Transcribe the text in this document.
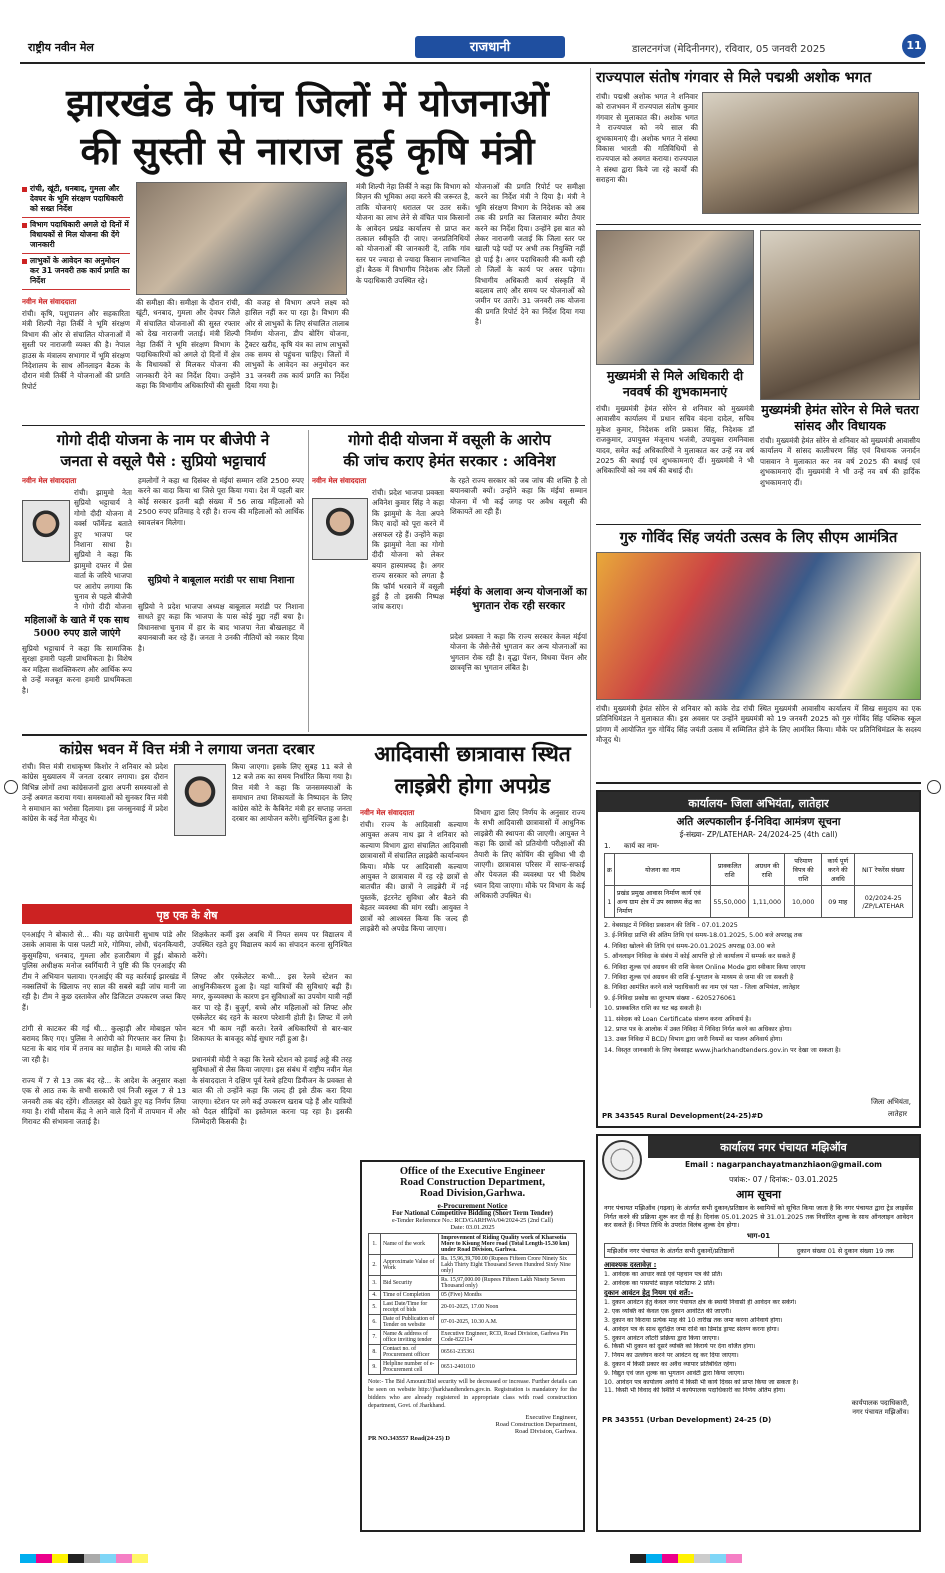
राष्ट्रीय नवीन मेल	राजधानी	डालटनगंज (मेदिनीनगर), रविवार, 05 जनवरी 2025	11
झारखंड के पांच जिलों में योजनाओं
की सुस्ती से नाराज हुई कृषि मंत्री
रांची, खूंटी, धनबाद, गुमला और देवघर के भूमि संरक्षण पदाधिकारी को सख्त निर्देश
विभाग पदाधिकारी अगले दो दिनों में विधायकों से मिल योजना की देंगे जानकारी
लाभुकों के आवेदन का अनुमोदन कर 31 जनवरी तक कार्य प्रगति का निर्देश
नवीन मेल संवाददाता
रांची। कृषि, पशुपालन और सहकारिता मंत्री शिल्पी नेहा तिर्की ने भूमि संरक्षण विभाग की ओर से संचालित योजनाओं में सुस्ती पर नाराजगी व्यक्त की है। नेपाल हाउस के मंत्रालय सभागार में भूमि संरक्षण निदेशालय के साथ ऑनलाइन बैठक के दौरान मंत्री तिर्की ने योजनाओं की प्रगति रिपोर्ट
की समीक्षा की। समीक्षा के दौरान रांची, खूंटी, धनबाद, गुमला और देवघर जिले में संचालित योजनाओं की सुस्त रफ्तार को देख नाराजगी जताई। मंत्री शिल्पी नेहा तिर्की ने भूमि संरक्षण विभाग के पदाधिकारियों को अगले दो दिनों में क्षेत्र के विधायकों से मिलकर योजना की जानकारी देने का निर्देश दिया। उन्होंने कहा कि विभागीय अधिकारियों की सुस्ती
की वजह से विभाग अपने लक्ष्य को हासिल नहीं कर पा रहा है। विभाग की ओर से लाभुकों के लिए संचालित तालाब निर्माण योजना, डीप बोरिंग योजना, ट्रैक्टर खरीद, कृषि यंत्र का लाभ लाभुकों तक समय से पहुंचना चाहिए। जिलों में लाभुकों के आवेदन का अनुमोदन कर 31 जनवरी तक कार्य प्रगति का निर्देश दिया गया है।
मंत्री शिल्पी नेहा तिर्की ने कहा कि विभाग को विज़न की भूमिका अदा करने की जरूरत है, ताकि योजनाएं धरातल पर उतर सकें। योजना का लाभ लेने से वंचित पात्र किसानों के आवेदन प्रखंड कार्यालय से प्राप्त कर तत्काल स्वीकृति दी जाए। जनप्रतिनिधियों को योजनाओं की जानकारी दें, ताकि गांव स्तर पर ज्यादा से ज्यादा किसान लाभान्वित हों। बैठक में विभागीय निदेशक और जिलों के पदाधिकारी उपस्थित रहे।
योजनाओं की प्रगति रिपोर्ट पर समीक्षा करने का निर्देश मंत्री ने दिया है। मंत्री ने भूमि संरक्षण विभाग के निदेशक को अब तक की प्रगति का जिलावार ब्यौरा तैयार करने का निर्देश दिया। उन्होंने इस बात को लेकर नाराजगी जताई कि जिला स्तर पर खाली पड़े पदों पर अभी तक नियुक्ति नहीं हो पाई है। अगर पदाधिकारी की कमी रही तो जिलों के कार्य पर असर पड़ेगा। विभागीय अधिकारी कार्य संस्कृति में बदलाव लाएं और समय पर योजनाओं को जमीन पर उतारें। 31 जनवरी तक योजना की प्रगति रिपोर्ट देने का निर्देश दिया गया है।
राज्यपाल संतोष गंगवार से मिले पद्मश्री अशोक भगत
रांची। पद्मश्री अशोक भगत ने शनिवार को राजभवन में राज्यपाल संतोष कुमार गंगवार से मुलाकात की। अशोक भगत ने राज्यपाल को नये साल की शुभकामनाएं दी। अशोक भगत ने संस्था विकास भारती की गतिविधियों से राज्यपाल को अवगत कराया। राज्यपाल ने संस्था द्वारा किये जा रहे कार्यों की सराहना की।
मुख्यमंत्री से मिले अधिकारी दी नववर्ष की शुभकामनाएं
रांची। मुख्यमंत्री हेमंत सोरेन से शनिवार को मुख्यमंत्री आवासीय कार्यालय में प्रधान सचिव वंदना दादेल, सचिव मुकेश कुमार, निदेशक शशि प्रकाश सिंह, निदेशक डॉ राजकुमार, उपायुक्त मंजूनाथ भजंत्री, उपायुक्त रामनिवास यादव, समेत कई अधिकारियों ने मुलाकात कर उन्हें नव वर्ष 2025 की बधाई एवं शुभकामनाएं दीं। मुख्यमंत्री ने भी अधिकारियों को नव वर्ष की बधाई दी।
मुख्यमंत्री हेमंत सोरेन से मिले चतरा सांसद और विधायक
रांची। मुख्यमंत्री हेमंत सोरेन से शनिवार को मुख्यमंत्री आवासीय कार्यालय में सांसद कालीचरण सिंह एवं विधायक जनार्दन पासवान ने मुलाकात कर नव वर्ष 2025 की बधाई एवं शुभकामनाएं दीं। मुख्यमंत्री ने भी उन्हें नव वर्ष की हार्दिक शुभकामनाएं दीं।
गुरु गोविंद सिंह जयंती उत्सव के लिए सीएम आमंत्रित
रांची। मुख्यमंत्री हेमंत सोरेन से शनिवार को कांके रोड रांची स्थित मुख्यमंत्री आवासीय कार्यालय में सिख समुदाय का एक प्रतिनिधिमंडल ने मुलाकात की। इस अवसर पर उन्होंने मुख्यमंत्री को 19 जनवरी 2025 को गुरु गोविंद सिंह पब्लिक स्कूल प्रांगण में आयोजित गुरु गोविंद सिंह जयंती उत्सव में सम्मिलित होने के लिए आमंत्रित किया। मौके पर प्रतिनिधिमंडल के सदस्य मौजूद थे।
गोगो दीदी योजना के नाम पर बीजेपी ने
जनता से वसूले पैसे : सुप्रियो भट्टाचार्य
नवीन मेल संवाददाता
रांची। झामुमो नेता सुप्रियो भट्टाचार्य ने गोगो दीदी योजना में वर्क्स फॉर्मेल्ड बताते हुए भाजपा पर निशाना साधा है। सुप्रियो ने कहा कि झामुमो दफ्तर में प्रेस वार्ता के जरिये भाजपा पर आरोप लगाया कि चुनाव से पहले बीजेपी ने गोगो दीदी योजना
महिलाओं के खाते में एक साथ 5000 रुपए डाले जाएंगे
सुप्रियो भट्टाचार्य ने कहा कि सामाजिक सुरक्षा हमारी पहली प्राथमिकता है। विशेष कर महिला सशक्तिकरण और आर्थिक रूप से उन्हें मजबूत करना हमारी प्राथमिकता है।
हमलोगों ने कहा था दिसंबर से मंईयां सम्मान राशि 2500 रुपए करने का वादा किया था जिसे पूरा किया गया। देश में पहली बार कोई सरकार इतनी बड़ी संख्या में 56 लाख महिलाओं को 2500 रुपए प्रतिमाह दे रही है। राज्य की महिलाओं को आर्थिक स्वावलंबन मिलेगा।
सुप्रियो ने बाबूलाल मरांडी पर साधा निशाना
सुप्रियो ने प्रदेश भाजपा अध्यक्ष बाबूलाल मरांडी पर निशाना साधते हुए कहा कि भाजपा के पास कोई मुद्दा नहीं बचा है। विधानसभा चुनाव में हार के बाद भाजपा नेता बौखलाहट में बयानबाजी कर रहे हैं। जनता ने उनकी नीतियों को नकार दिया है।
गोगो दीदी योजना में वसूली के आरोप
की जांच कराए हेमंत सरकार : अविनेश
नवीन मेल संवाददाता
रांची। प्रदेश भाजपा प्रवक्ता अविनेश कुमार सिंह ने कहा कि झामुमो के नेता अपने किए वादों को पूरा करने में असफल रहे हैं। उन्होंने कहा कि झामुमो नेता का गोगो दीदी योजना को लेकर बयान हास्यास्पद है। अगर राज्य सरकार को लगता है कि फॉर्म भरवाने में वसूली हुई है तो इसकी निष्पक्ष जांच कराए।
के रहते राज्य सरकार को जब जांच की शक्ति है तो बयानबाजी क्यों। उन्होंने कहा कि मंईयां सम्मान योजना में भी कई जगह पर अवैध वसूली की शिकायतें आ रही हैं।
मंईयां के अलावा अन्य योजनाओं का भुगतान रोक रही सरकार
प्रदेश प्रवक्ता ने कहा कि राज्य सरकार केवल मंईयां योजना के जैसे-तैसे भुगतान कर अन्य योजनाओं का भुगतान रोक रही है। वृद्धा पेंशन, विधवा पेंशन और छात्रवृत्ति का भुगतान लंबित है।
कांग्रेस भवन में वित्त मंत्री ने लगाया जनता दरबार
रांची। वित्त मंत्री राधाकृष्ण किशोर ने शनिवार को प्रदेश कांग्रेस मुख्यालय में जनता दरबार लगाया। इस दौरान विभिन्न लोगों तथा कांग्रेसजनों द्वारा अपनी समस्याओं से उन्हें अवगत कराया गया। समस्याओं को सुनकर वित्त मंत्री ने समाधान का भरोसा दिलाया। इस जनसुनवाई में प्रदेश कांग्रेस के कई नेता मौजूद थे।
किया जाएगा। इसके लिए सुबह 11 बजे से 12 बजे तक का समय निर्धारित किया गया है। वित्त मंत्री ने कहा कि जनसमस्याओं के समाधान तथा शिकायतों के निष्पादन के लिए कांग्रेस कोटे के कैबिनेट मंत्री हर सप्ताह जनता दरबार का आयोजन करेंगे। सुनिश्चित हुआ है।
पृष्ठ एक के शेष
एनआईए ने बोकारो से... की। यह छापेमारी सुभाष पांडे और उसके आवास के पास पलटी मारे, गोमिया, लोधी, चंदनकियारी, कुसुमहिया, धनबाद, गुमला और हजारीबाग में हुई। बोकारो पुलिस अधीक्षक मनोज स्वर्गियारी ने पुष्टि की कि एनआईए की टीम ने अभियान चलाया। एनआईए की यह कार्रवाई झारखंड में नक्सलियों के खिलाफ नए साल की सबसे बड़ी जांच मानी जा रही है। टीम ने कुछ दस्तावेज और डिजिटल उपकरण जब्त किए हैं।

टांगी से काटकर की गई थी... कुल्हाड़ी और मोबाइल फोन बरामद किए गए। पुलिस ने आरोपी को गिरफ्तार कर लिया है। घटना के बाद गांव में तनाव का माहौल है। मामले की जांच की जा रही है।

राज्य में 7 से 13 तक बंद रहे... के आदेश के अनुसार कक्षा एक से आठ तक के सभी सरकारी एवं निजी स्कूल 7 से 13 जनवरी तक बंद रहेंगे। शीतलहर को देखते हुए यह निर्णय लिया गया है। रांची मौसम केंद्र ने आने वाले दिनों में तापमान में और गिरावट की संभावना जताई है।
शिक्षकेतर कर्मी इस अवधि में नियत समय पर विद्यालय में उपस्थित रहते हुए विद्यालय कार्य का संपादन करना सुनिश्चित करेंगे।

लिफ्ट और एस्केलेटर कभी... इस रेलवे स्टेशन का आधुनिकीकरण हुआ है। यहां यात्रियों की सुविधाएं बढ़ी हैं। मगर, कुव्यवस्था के कारण इन सुविधाओं का उपयोग यात्री नहीं कर पा रहे हैं। बुजुर्ग, बच्चे और महिलाओं को लिफ्ट और एस्केलेटर बंद रहने के कारण परेशानी होती है। लिफ्ट में लगे बटन भी काम नहीं करते। रेलवे अधिकारियों से बार-बार शिकायत के बावजूद कोई सुधार नहीं हुआ है।

प्रधानमंत्री मोदी ने कहा कि रेलवे स्टेशन को हवाई अड्डे की तरह सुविधाओं से लैस किया जाएगा। इस संबंध में राष्ट्रीय नवीन मेल के संवाददाता ने दक्षिण पूर्व रेलवे हटिया डिवीजन के प्रवक्ता से बात की तो उन्होंने कहा कि जल्द ही इसे ठीक करा दिया जाएगा। स्टेशन पर लगे कई उपकरण खराब पड़े हैं और यात्रियों को पैदल सीढ़ियों का इस्तेमाल करना पड़ रहा है। इसकी जिम्मेदारी किसकी है।
आदिवासी छात्रावास स्थित
लाइब्रेरी होगा अपग्रेड
नवीन मेल संवाददाता
रांची। राज्य के आदिवासी कल्याण आयुक्त अजय नाथ झा ने शनिवार को कल्याण विभाग द्वारा संचालित आदिवासी छात्रावासों में संचालित लाइब्रेरी कार्यान्वयन किया। मौके पर आदिवासी कल्याण आयुक्त ने छात्रावास में रह रहे छात्रों से बातचीत की। छात्रों ने लाइब्रेरी में नई पुस्तकें, इंटरनेट सुविधा और बैठने की बेहतर व्यवस्था की मांग रखी। आयुक्त ने छात्रों को आश्वस्त किया कि जल्द ही लाइब्रेरी को अपग्रेड किया जाएगा।
विभाग द्वारा लिए निर्णय के अनुसार राज्य के सभी आदिवासी छात्रावासों में आधुनिक लाइब्रेरी की स्थापना की जाएगी। आयुक्त ने कहा कि छात्रों को प्रतियोगी परीक्षाओं की तैयारी के लिए कोचिंग की सुविधा भी दी जाएगी। छात्रावास परिसर में साफ-सफाई और पेयजल की व्यवस्था पर भी विशेष ध्यान दिया जाएगा। मौके पर विभाग के कई अधिकारी उपस्थित थे।
Office of the Executive Engineer
Road Construction Department,
Road Division,Garhwa.
e-Procurement Notice
For National Competitive Bidding (Short Term Tender)
e-Tender Reference No.: RCD/GARHWA/04/2024-25 (2nd Call)
Date: 03.01.2025
1.	Name of the work	Improvement of Riding Quality work of Kharsotia More to Kisung More road (Total Length-15.30 km) under Road Division, Garhwa.
2.	Approximate Value of Work	Rs. 15,96,39,700.00 (Rupees Fifteen Crore Ninety Six Lakh Thirty Eight Thousand Seven Hundred Sixty Nine only)
3.	Bid Security	Rs. 15,97,000.00 (Rupees Fifteen Lakh Ninety Seven Thousand only)
4.	Time of Completion	05 (Five) Months
5.	Last Date/Time for receipt of bids	20-01-2025, 17.00 Noon
6.	Date of Publication of Tender on website	07-01-2025, 10.30 A.M.
7.	Name & address of office inviting tender	Executive Engineer, RCD, Road Division, Garhwa Pin Code-822114
8.	Contact no. of Procurement officer	06561-235361
9.	Helpline number of e-Procurement cell	0651-2401010
Note:- The Bid Amount/Bid security will be decreased or increase. Further details can be seen on website http://jharkhandtenders.gov.in. Registration is mandatory for the bidders who are already registered in appropriate class with road construction department, Govt. of Jharkhand.
Executive Engineer,
Road Construction Department,
Road Division, Garhwa.
PR NO.343557 Road(24-25) D
कार्यालय- जिला अभियंता, लातेहार
अति अल्पकालीन ई-निविदा आमंत्रण सूचना
ई-संख्या- ZP/LATEHAR- 24/2024-25 (4th call)
1.      कार्य का नाम-
क्र	योजना का नाम	प्राक्कलित राशि	अग्रधन की राशि	परिमाण विपत्र की राशि	कार्य पूर्ण करने की अवधि	NIT रेफरेंस संख्या
1	प्रखंड प्रमुख आवास निर्माण कार्य एवं अन्य ग्राम क्षेत्र में उप स्वास्थ्य केंद्र का निर्माण	55,50,000	1,11,000	10,000	09 माह	02/2024-25 /ZP/LATEHAR
2. वेबसाइट में निविदा प्रकाशन की तिथि - 07.01.2025
3. ई-निविदा प्राप्ति की अंतिम तिथि एवं समय-18.01.2025, 5.00 बजे अपराह्न तक
4. निविदा खोलने की तिथि एवं समय-20.01.2025 अपराह्न 03.00 बजे
5. ऑनलाइन निविदा के संबंध में कोई आपत्ति हो तो कार्यालय में सम्पर्क कर सकते हैं
6. निविदा शुल्क एवं अग्रधन की राशि केवल Online Mode द्वारा स्वीकार किया जाएगा
7. निविदा शुल्क एवं अग्रधन की राशि ई-भुगतान के माध्यम से जमा की जा सकती है
8. निविदा आमंत्रित करने वाले पदाधिकारी का नाम एवं पता - जिला अभियंता, लातेहार
9. ई-निविदा प्रकोष्ठ का दूरभाष संख्या - 6205276061
10. प्राक्कलित राशि का घट बढ़ सकती है।
11. संवेदक को Loan Certificate संलग्न करना अनिवार्य है।
12. प्राप्त पत्र के आलोक में उक्त निविदा में निविदा निर्गत करने का अधिकार होगा।
13. उक्त निविदा में BCD/ विभाग द्वारा जारी नियमों का पालन अनिवार्य होगा।
14. विस्तृत जानकारी के लिए वेबसाइट www.jharkhandtenders.gov.in पर देखा जा सकता है।
PR 343545 Rural Development(24-25)#D
जिला अभियंता,
लातेहार
कार्यालय नगर पंचायत मझिऑव
Email : nagarpanchayatmanzhiaon@gmail.com
पत्रांक:- 07 / दिनांक:- 03.01.2025
आम सूचना
नगर पंचायत मझिऑव (गढ़वा) के अंतर्गत सभी दुकान/प्रतिष्ठान के स्वामियों को सूचित किया जाता है कि नगर पंचायत द्वारा ट्रेड लाइसेंस निर्गत करने की प्रक्रिया शुरू कर दी गई है। दिनांक 05.01.2025 से 31.01.2025 तक निर्धारित शुल्क के साथ ऑनलाइन आवेदन कर सकते हैं। नियत तिथि के उपरांत विलंब शुल्क देय होगा।
भाग-01
मझिऑव नगर पंचायत के अंतर्गत सभी दुकानों/प्रतिष्ठानों	दुकान संख्या 01 से दुकान संख्या 19 तक
आवश्यक दस्तावेज़ :
1. आवेदक का आधार कार्ड एवं पहचान पत्र की प्रति।
2. आवेदक का पासपोर्ट साइज फोटोग्राफ 2 प्रति।
दुकान आवंटन हेतु नियम एवं शर्ते:-
1. दुकान आवंटन हेतु केवल नगर पंचायत क्षेत्र के स्थायी निवासी ही आवेदन कर सकेंगे।
2. एक व्यक्ति को केवल एक दुकान आवंटित की जाएगी।
3. दुकान का किराया प्रत्येक माह की 10 तारीख तक जमा करना अनिवार्य होगा।
4. आवेदन पत्र के साथ सुरक्षित जमा राशि का डिमांड ड्राफ्ट संलग्न करना होगा।
5. दुकान आवंटन लॉटरी प्रक्रिया द्वारा किया जाएगा।
6. किसी भी दुकान को दूसरे व्यक्ति को किराये पर देना वर्जित होगा।
7. नियम का उल्लंघन करने पर आवंटन रद्द कर दिया जाएगा।
8. दुकान में किसी प्रकार का अवैध व्यापार प्रतिबंधित रहेगा।
9. विद्युत एवं जल शुल्क का भुगतान आवंटी द्वारा किया जाएगा।
10. आवेदन पत्र कार्यालय अवधि में किसी भी कार्य दिवस को प्राप्त किया जा सकता है।
11. किसी भी विवाद की स्थिति में कार्यपालक पदाधिकारी का निर्णय अंतिम होगा।
कार्यपालक पदाधिकारी,
नगर पंचायत मझिऑव।
PR 343551 (Urban Development) 24-25 (D)
